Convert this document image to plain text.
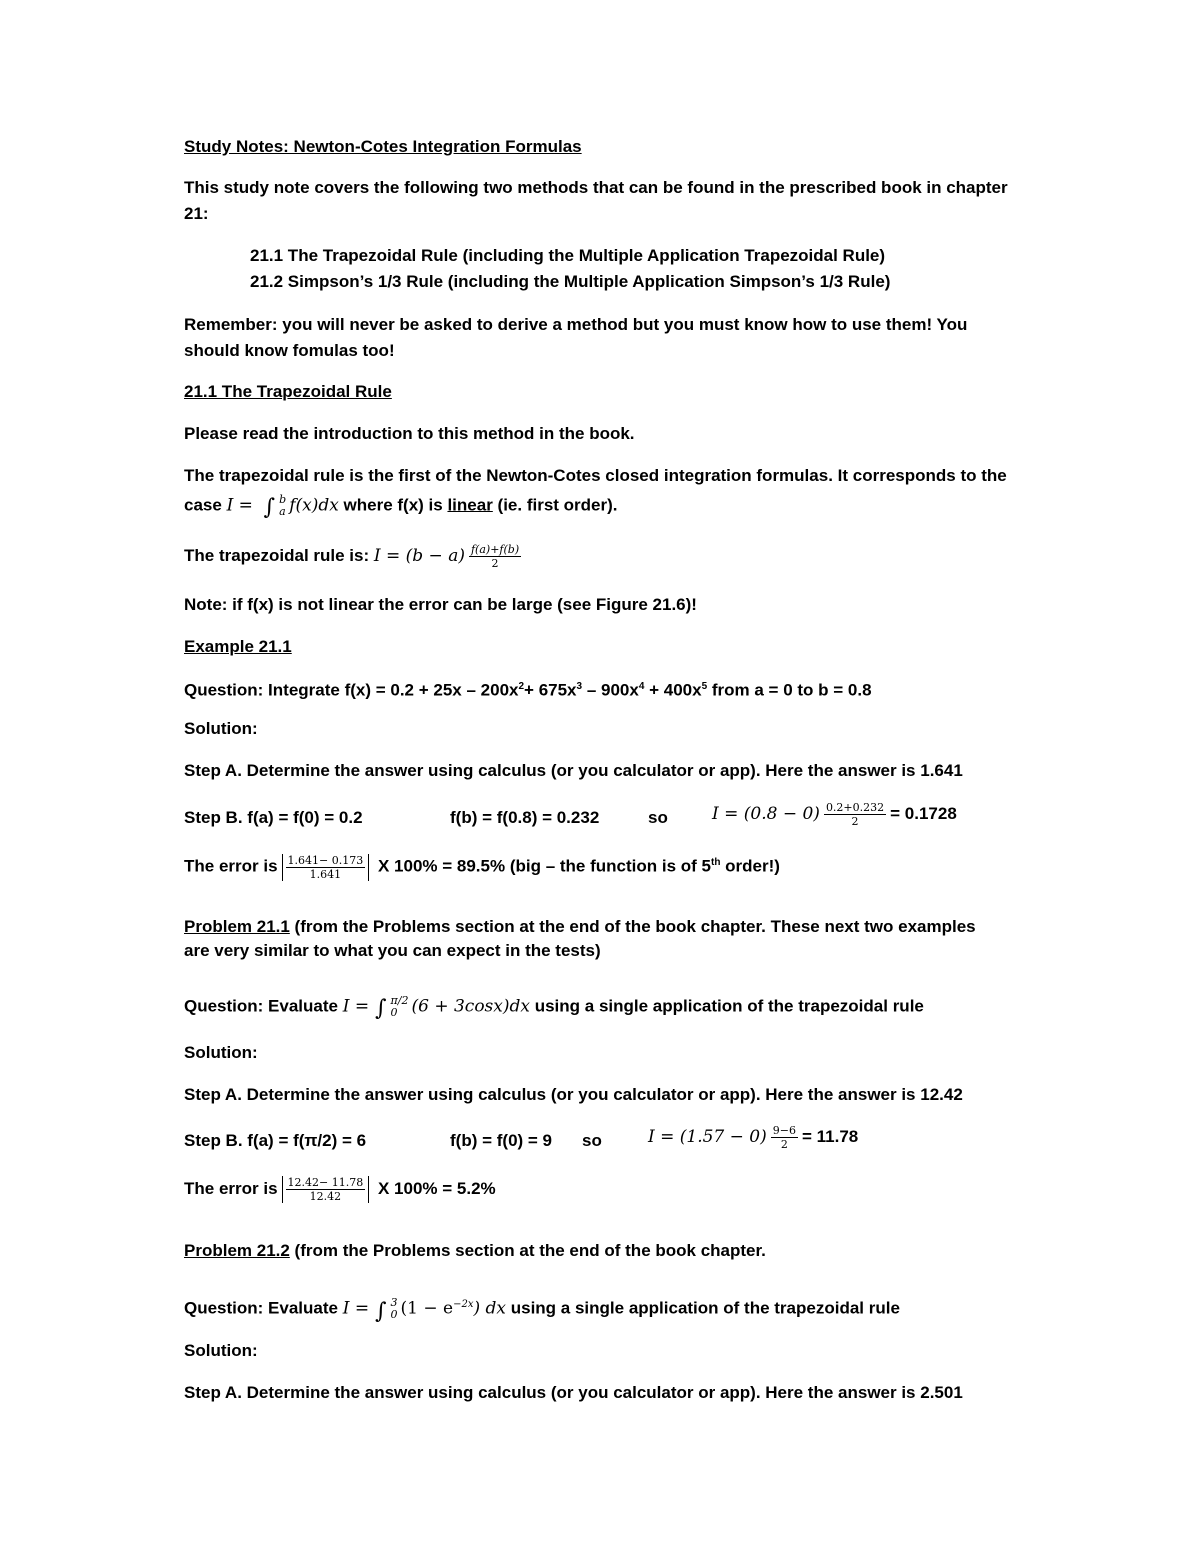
Study Notes: Newton-Cotes Integration Formulas
This study note covers the following two methods that can be found in the prescribed book in chapter
21:
21.1 The Trapezoidal Rule (including the Multiple Application Trapezoidal Rule)
21.2 Simpson’s 1/3 Rule (including the Multiple Application Simpson’s 1/3 Rule)
Remember: you will never be asked to derive a method but you must know how to use them! You
should know fomulas too!
21.1 The Trapezoidal Rule
Please read the introduction to this method in the book.
The trapezoidal rule is the first of the Newton-Cotes closed integration formulas. It corresponds to the
case I = ∫ b
a f(x)dx where f(x) is linear (ie. first order).
The trapezoidal rule is: $I = (b - a) \frac{f(a)+f(b)}{2}$
Note: if f(x) is not linear the error can be large (see Figure 21.6)!
Example 21.1
Question: Integrate $f(x) = 0.2 + 25x - 200x^2+ 675x^3 - 900x^4 + 400x^5$ from a = 0 to b = 0.8
Solution:
Step A. Determine the answer using calculus (or you calculator or app). Here the answer is 1.641
Step B. f(a) = f(0) = 0.2	f(b) = f(0.8) = 0.232	so	$I = (0.8 - 0) \frac{0.2+0.232}{2} = 0.1728$
The error is $\frac{1.641- 0.173}{1.641}$ X 100% = 89.5% (big – the function is of 5th order!)
Problem 21.1 (from the Problems section at the end of the book chapter. These next two examples
are very similar to what you can expect in the tests)
Question: Evaluate I = ∫ π/2
0 (6 + 3cosx)dx using a single application of the trapezoidal rule
Solution:
Step A. Determine the answer using calculus (or you calculator or app). Here the answer is 12.42
Step B. f(a) = f(π/2) = 6	f(b) = f(0) = 9 so	$I = (1.57 - 0) \frac{9-6}{2} = 11.78$
The error is $\frac{12.42- 11.78}{12.42}$ X 100% = 5.2%
Problem 21.2 (from the Problems section at the end of the book chapter.
Question: Evaluate I = ∫ 3
0 $(1 - e^{-2x})$ dx using a single application of the trapezoidal rule
Solution:
Step A. Determine the answer using calculus (or you calculator or app). Here the answer is 2.501
